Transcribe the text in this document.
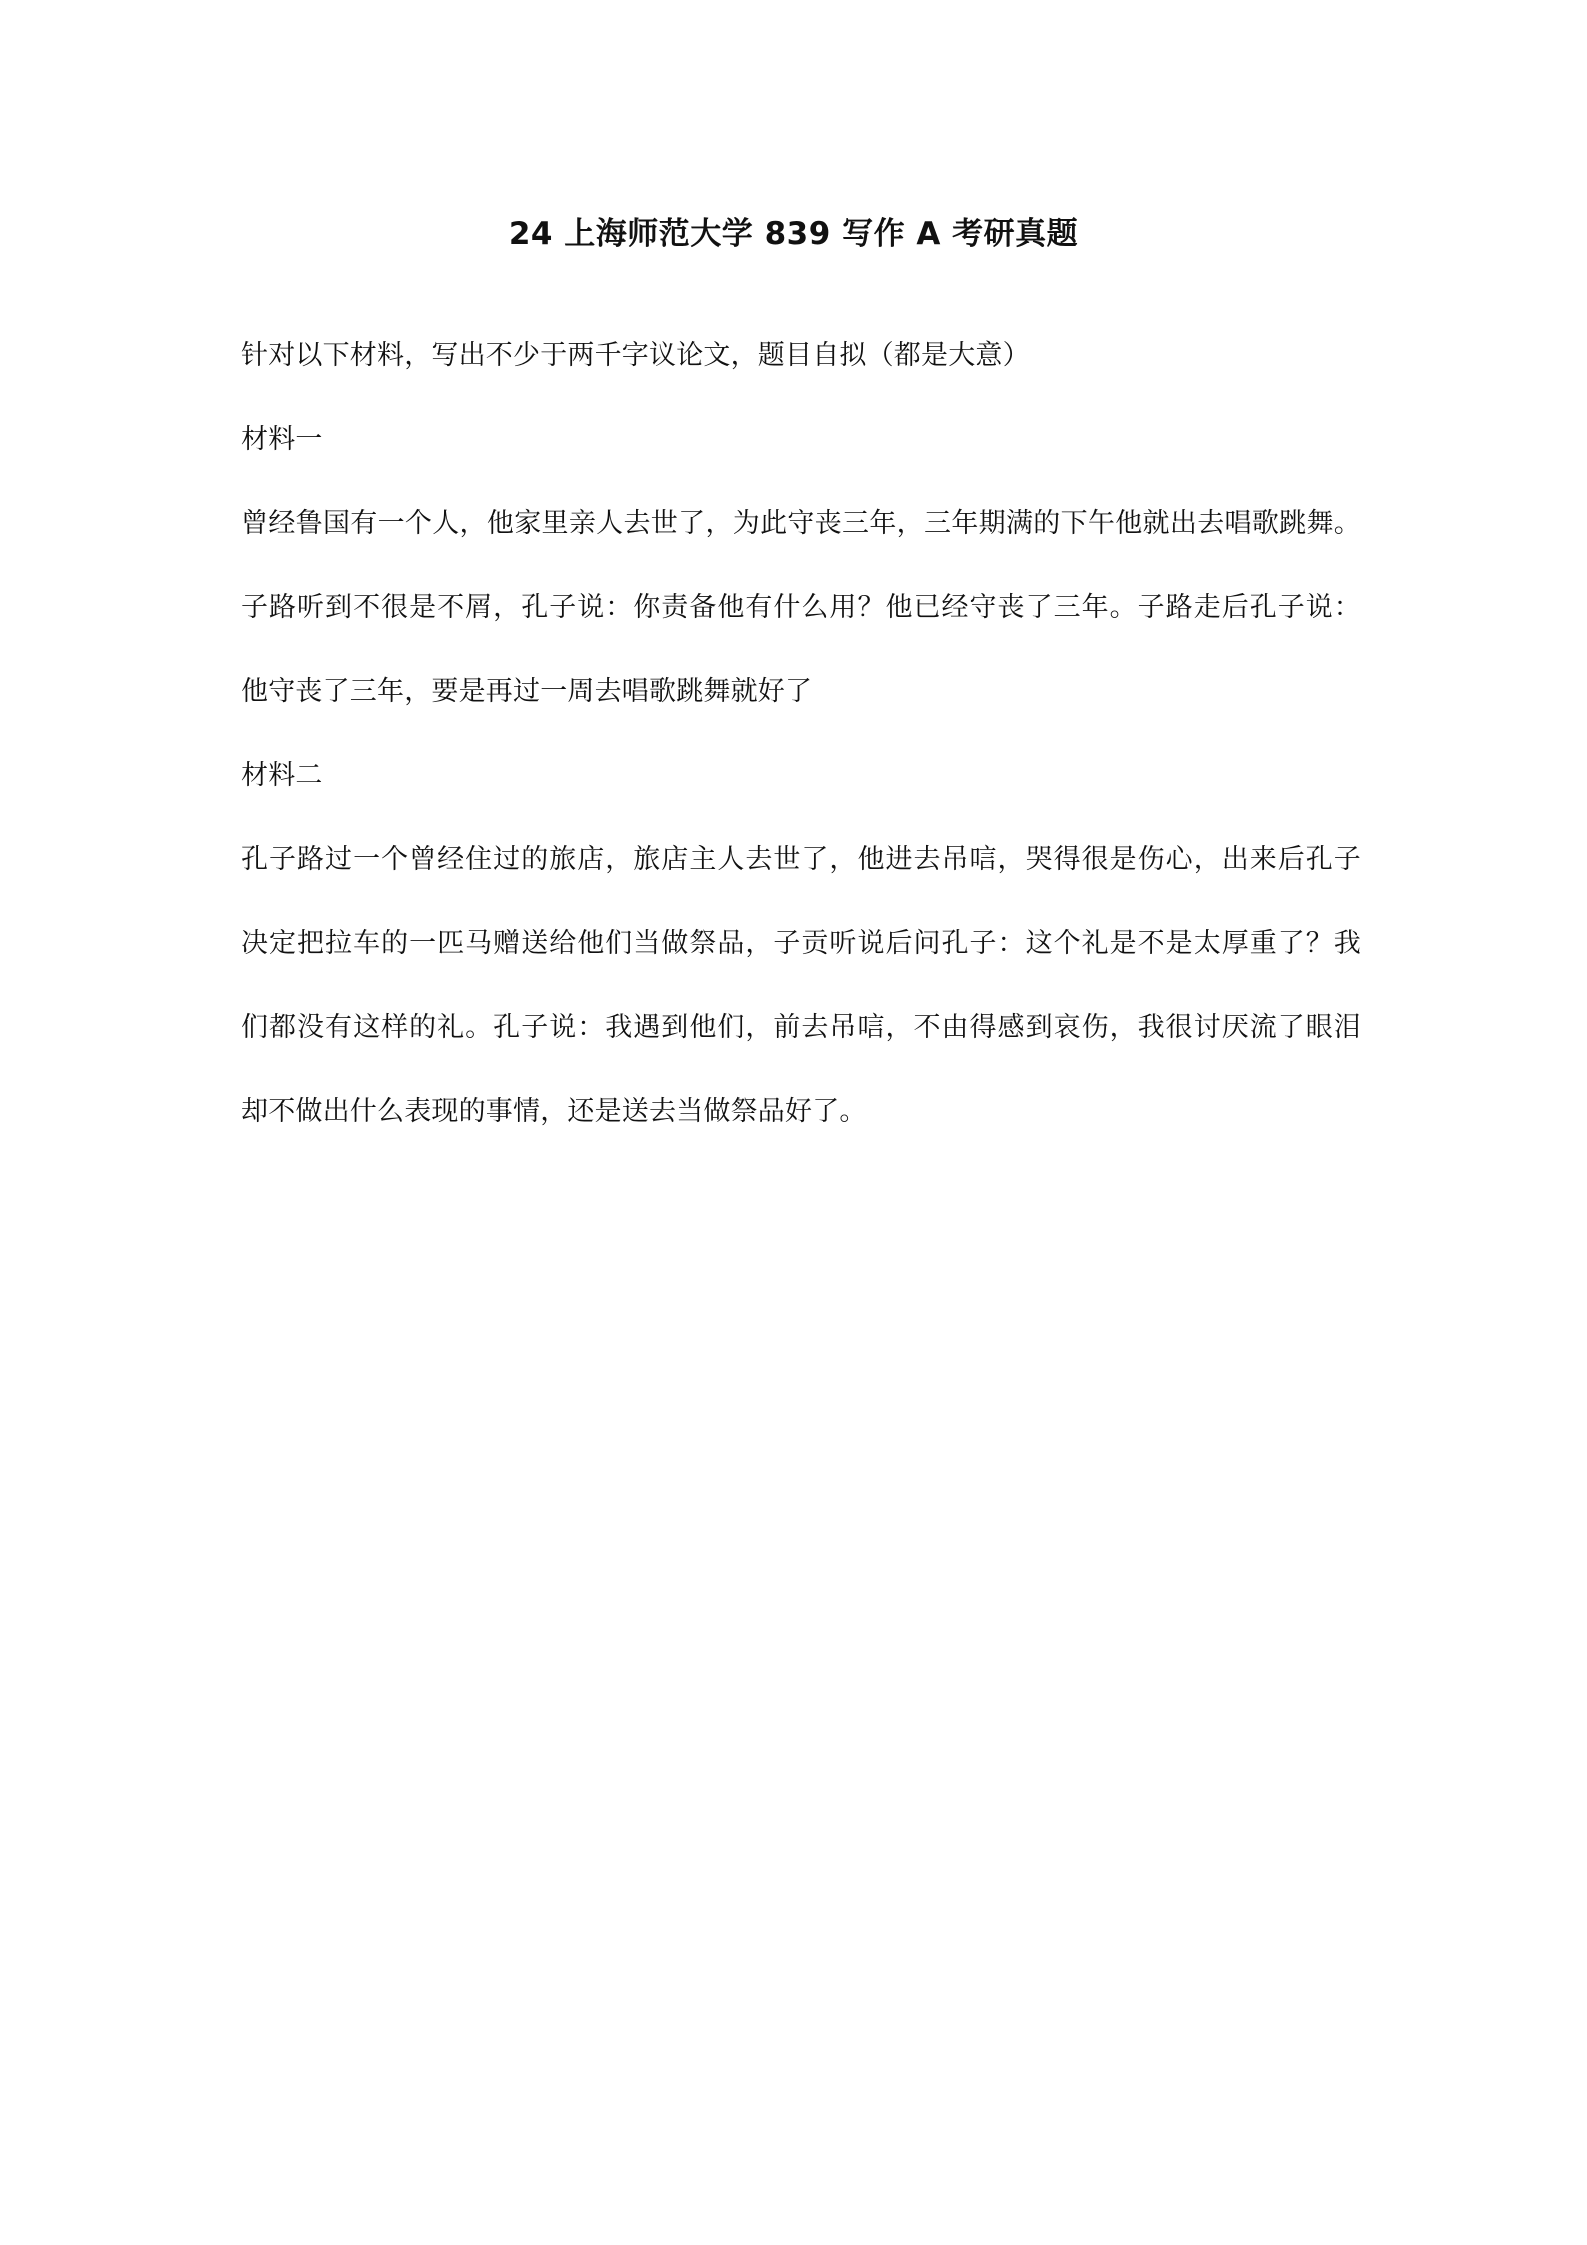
24 上海师范大学 839 写作 A 考研真题
针对以下材料，写出不少于两千字议论文，题目自拟（都是大意）
材料一
曾经鲁国有一个人，他家里亲人去世了，为此守丧三年，三年期满的下午他就出去唱歌跳舞。
子路听到不很是不屑，孔子说：你责备他有什么用？他已经守丧了三年。子路走后孔子说：
他守丧了三年，要是再过一周去唱歌跳舞就好了
材料二
孔子路过一个曾经住过的旅店，旅店主人去世了，他进去吊唁，哭得很是伤心，出来后孔子
决定把拉车的一匹马赠送给他们当做祭品，子贡听说后问孔子：这个礼是不是太厚重了？我
们都没有这样的礼。孔子说：我遇到他们，前去吊唁，不由得感到哀伤，我很讨厌流了眼泪
却不做出什么表现的事情，还是送去当做祭品好了。
